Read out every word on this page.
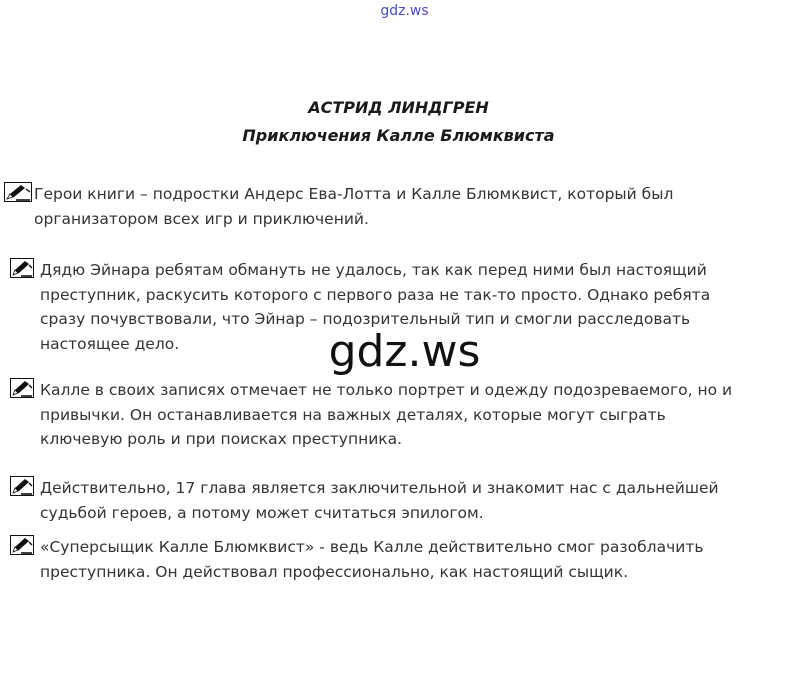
gdz.ws
АСТРИД ЛИНДГРЕН
Приключения Калле Блюмквиста
Герои книги – подростки Андерс Ева-Лотта и Калле Блюмквист, который был
организатором всех игр и приключений.
Дядю Эйнара ребятам обмануть не удалось, так как перед ними был настоящий
преступник, раскусить которого с первого раза не так-то просто. Однако ребята
сразу почувствовали, что Эйнар – подозрительный тип и смогли расследовать
настоящее дело.
Калле в своих записях отмечает не только портрет и одежду подозреваемого, но и
привычки. Он останавливается на важных деталях, которые могут сыграть
ключевую роль и при поисках преступника.
Действительно, 17 глава является заключительной и знакомит нас с дальнейшей
судьбой героев, а потому может считаться эпилогом.
«Суперсыщик Калле Блюмквист» - ведь Калле действительно смог разоблачить
преступника. Он действовал профессионально, как настоящий сыщик.
gdz.ws
